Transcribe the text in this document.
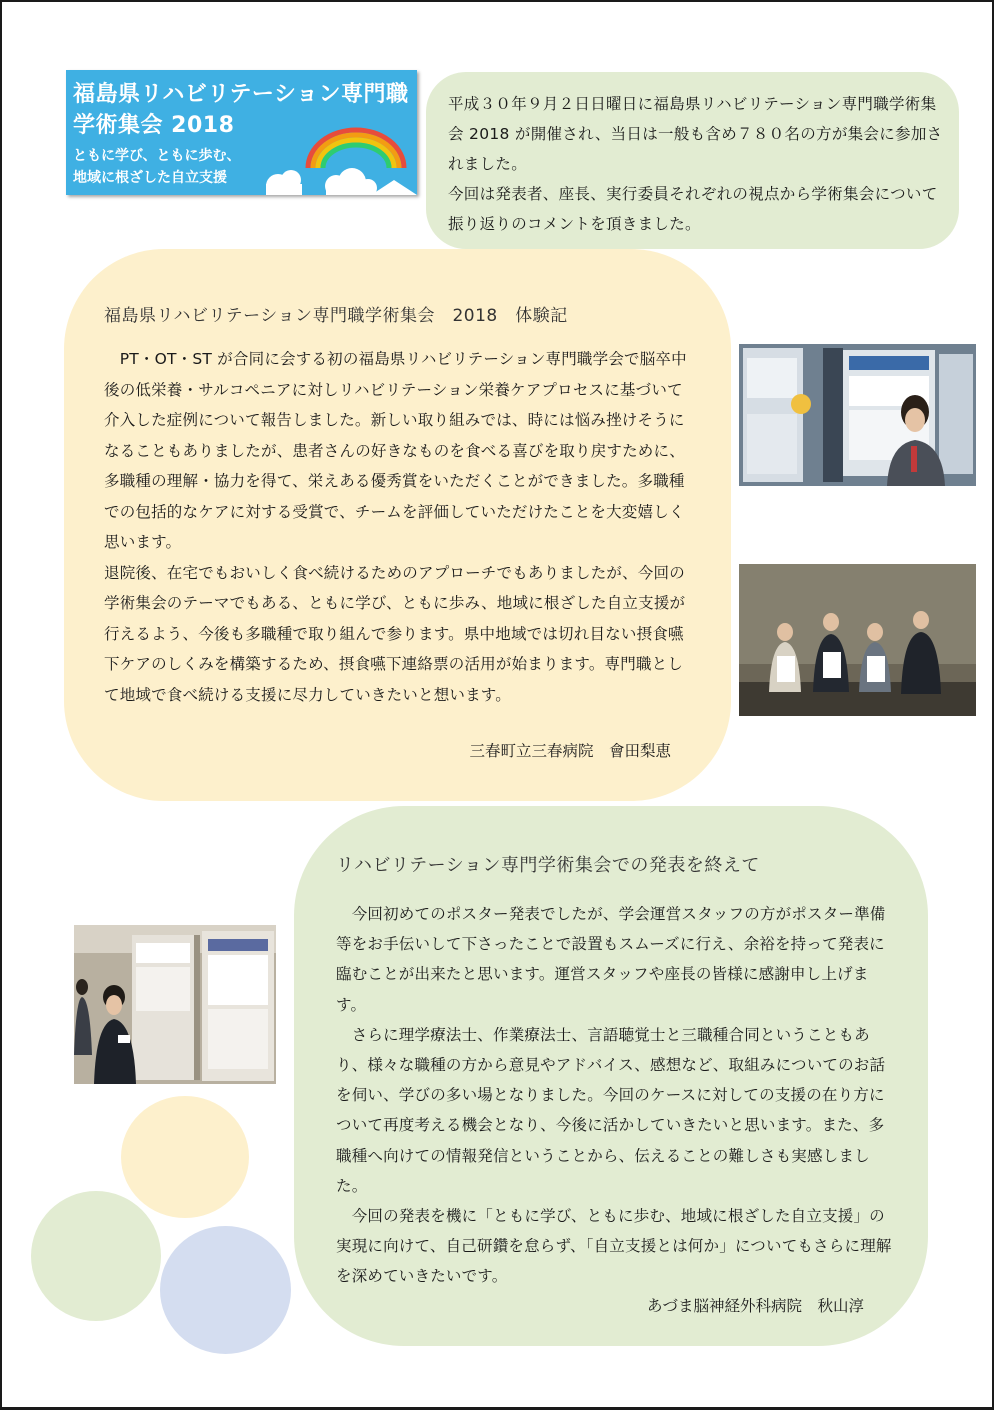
福島県リハビリテーション専門職
学術集会 2018
ともに学び、ともに歩む、
地域に根ざした自立支援

平成３０年９月２日日曜日に福島県リハビリテーション専門職学術集会 2018 が開催され、当日は一般も含め７８０名の方が集会に参加されました。
今回は発表者、座長、実行委員それぞれの視点から学術集会について振り返りのコメントを頂きました。

福島県リハビリテーション専門職学術集会　2018　体験記

　PT・OT・ST が合同に会する初の福島県リハビリテーション専門職学会で脳卒中後の低栄養・サルコペニアに対しリハビリテーション栄養ケアプロセスに基づいて介入した症例について報告しました。新しい取り組みでは、時には悩み挫けそうになることもありましたが、患者さんの好きなものを食べる喜びを取り戻すために、多職種の理解・協力を得て、栄えある優秀賞をいただくことができました。多職種での包括的なケアに対する受賞で、チームを評価していただけたことを大変嬉しく思います。
退院後、在宅でもおいしく食べ続けるためのアプローチでもありましたが、今回の学術集会のテーマでもある、ともに学び、ともに歩み、地域に根ざした自立支援が行えるよう、今後も多職種で取り組んで参ります。県中地域では切れ目ない摂食嚥下ケアのしくみを構築するため、摂食嚥下連絡票の活用が始まります。専門職として地域で食べ続ける支援に尽力していきたいと想います。

三春町立三春病院　會田梨恵
リハビリテーション専門学術集会での発表を終えて

　今回初めてのポスター発表でしたが、学会運営スタッフの方がポスター準備等をお手伝いして下さったことで設置もスムーズに行え、余裕を持って発表に臨むことが出来たと思います。運営スタッフや座長の皆様に感謝申し上げます。
　さらに理学療法士、作業療法士、言語聴覚士と三職種合同ということもあり、様々な職種の方から意見やアドバイス、感想など、取組みについてのお話を伺い、学びの多い場となりました。今回のケースに対しての支援の在り方について再度考える機会となり、今後に活かしていきたいと思います。また、多職種へ向けての情報発信ということから、伝えることの難しさも実感しました。
　今回の発表を機に「ともに学び、ともに歩む、地域に根ざした自立支援」の実現に向けて、自己研鑽を怠らず、「自立支援とは何か」についてもさらに理解を深めていきたいです。

あづま脳神経外科病院　秋山淳
